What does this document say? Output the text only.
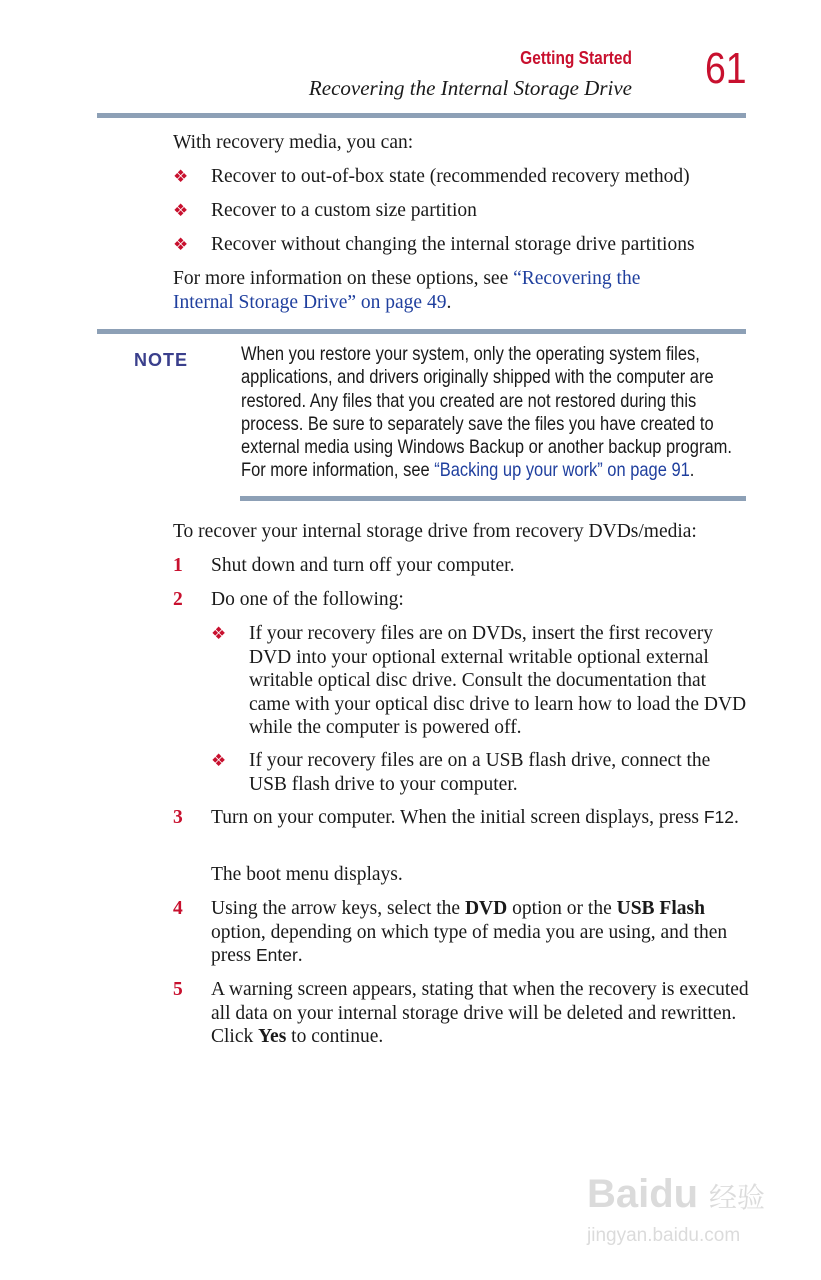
Getting Started
Recovering the Internal Storage Drive 61
With recovery media, you can:
❖ Recover to out-of-box state (recommended recovery method)
❖ Recover to a custom size partition
❖ Recover without changing the internal storage drive partitions
For more information on these options, see “Recovering the Internal Storage Drive” on page 49.
NOTE	When you restore your system, only the operating system files, applications, and drivers originally shipped with the computer are restored. Any files that you created are not restored during this process. Be sure to separately save the files you have created to external media using Windows Backup or another backup program. For more information, see “Backing up your work” on page 91.
To recover your internal storage drive from recovery DVDs/media:
1 Shut down and turn off your computer.
2 Do one of the following:
❖ If your recovery files are on DVDs, insert the first recovery DVD into your optional external writable optional external writable optical disc drive. Consult the documentation that came with your optical disc drive to learn how to load the DVD while the computer is powered off.
❖ If your recovery files are on a USB flash drive, connect the USB flash drive to your computer.
3 Turn on your computer. When the initial screen displays, press F12.
The boot menu displays.
4 Using the arrow keys, select the DVD option or the USB Flash option, depending on which type of media you are using, and then press Enter.
5 A warning screen appears, stating that when the recovery is executed all data on your internal storage drive will be deleted and rewritten. Click Yes to continue.
Baidu 经验
jingyan.baidu.com
